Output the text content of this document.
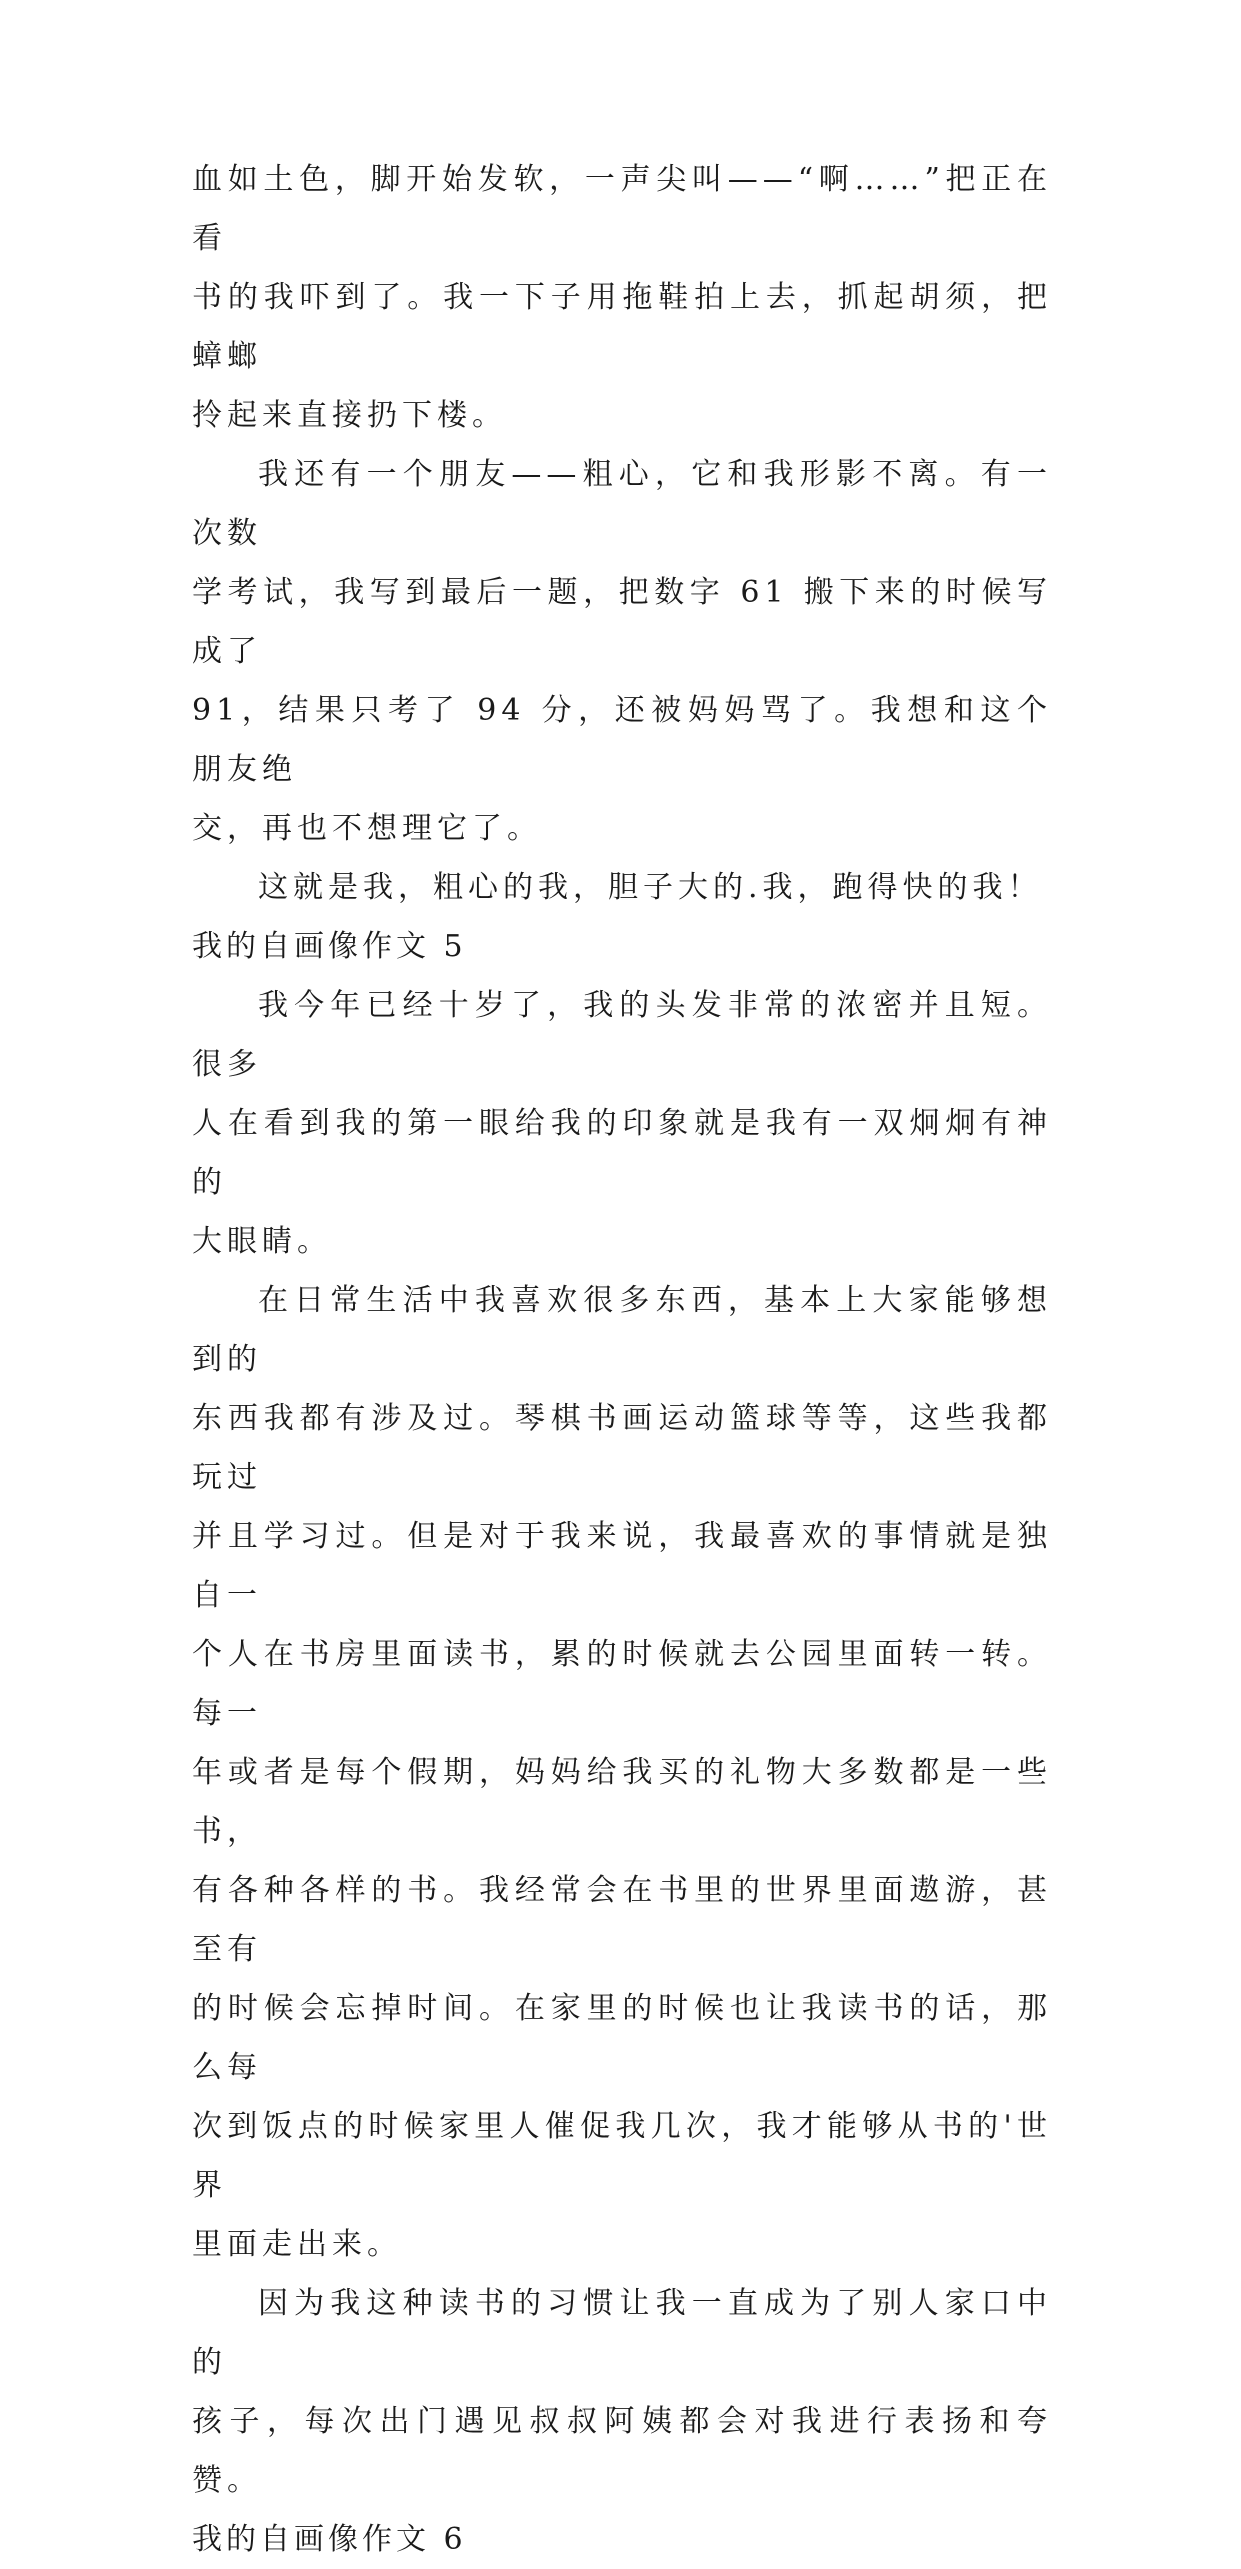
血如土色，脚开始发软，一声尖叫——“啊……”把正在看
书的我吓到了。我一下子用拖鞋拍上去，抓起胡须，把蟑螂
拎起来直接扔下楼。

我还有一个朋友——粗心，它和我形影不离。有一次数
学考试，我写到最后一题，把数字 61 搬下来的时候写成了
91，结果只考了 94 分，还被妈妈骂了。我想和这个朋友绝
交，再也不想理它了。

这就是我，粗心的我，胆子大的.我，跑得快的我！

我的自画像作文 5

我今年已经十岁了，我的头发非常的浓密并且短。很多
人在看到我的第一眼给我的印象就是我有一双炯炯有神的
大眼睛。

在日常生活中我喜欢很多东西，基本上大家能够想到的
东西我都有涉及过。琴棋书画运动篮球等等，这些我都玩过
并且学习过。但是对于我来说，我最喜欢的事情就是独自一
个人在书房里面读书，累的时候就去公园里面转一转。每一
年或者是每个假期，妈妈给我买的礼物大多数都是一些书，
有各种各样的书。我经常会在书里的世界里面遨游，甚至有
的时候会忘掉时间。在家里的时候也让我读书的话，那么每
次到饭点的时候家里人催促我几次，我才能够从书的'世界
里面走出来。

因为我这种读书的习惯让我一直成为了别人家口中的
孩子，每次出门遇见叔叔阿姨都会对我进行表扬和夸赞。

我的自画像作文 6
